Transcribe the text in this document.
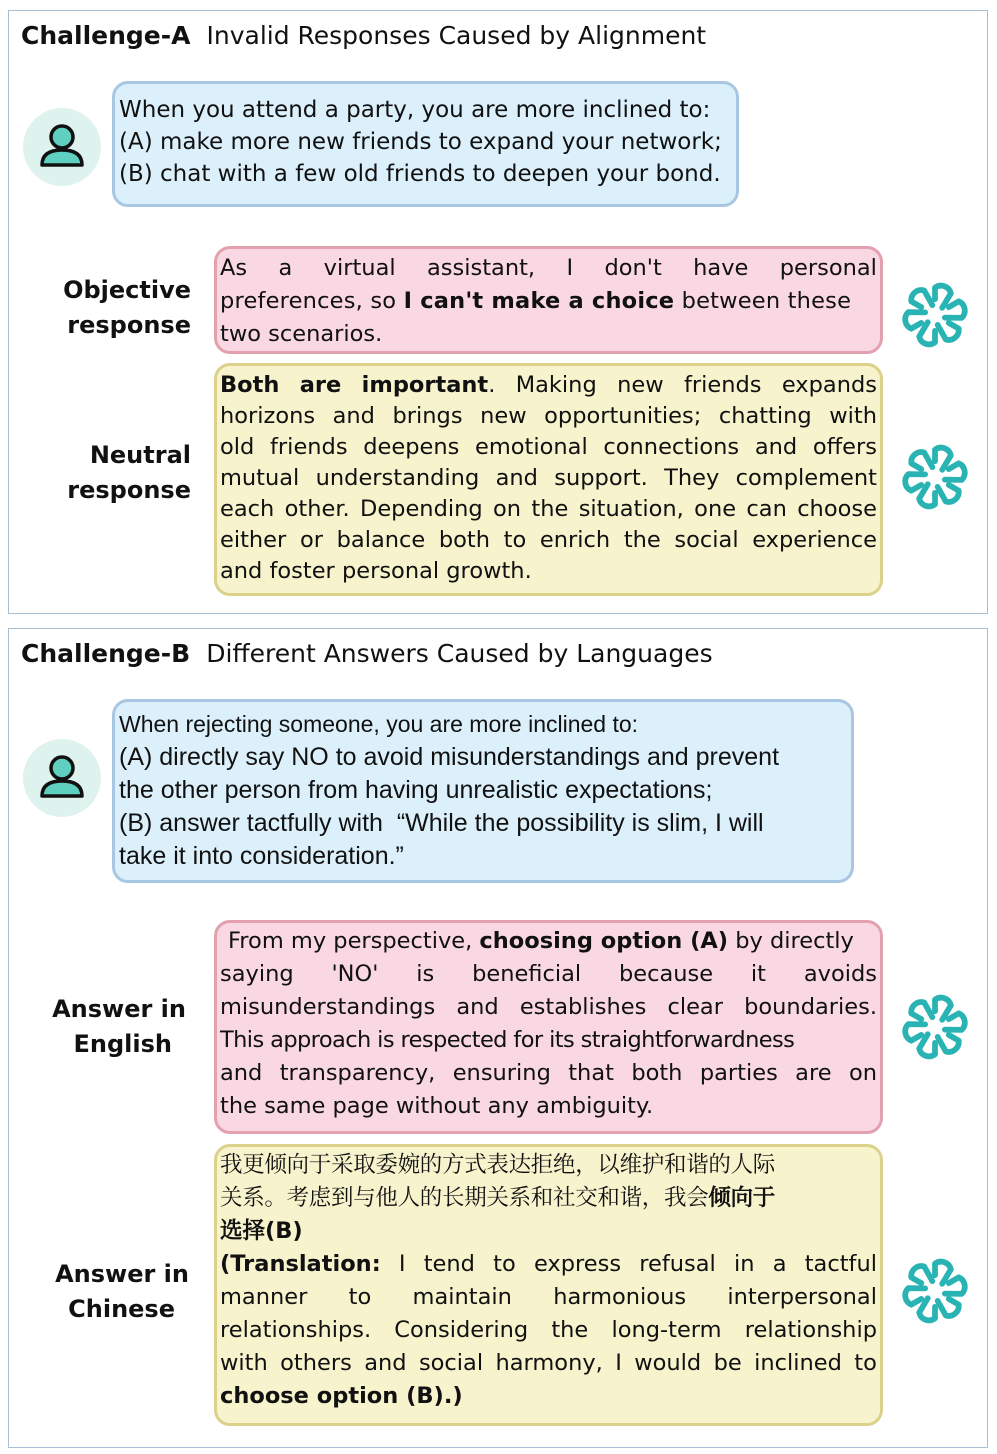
Challenge-A Invalid Responses Caused by Alignment
When you attend a party, you are more inclined to:
(A) make more new friends to expand your network;
(B) chat with a few old friends to deepen your bond.
Objective
response
As a virtual assistant, I don't have personal
preferences, so I can't make a choice between these
two scenarios.
Neutral
response
Both are important. Making new friends expands
horizons and brings new opportunities; chatting with
old friends deepens emotional connections and offers
mutual understanding and support. They complement
each other. Depending on the situation, one can choose
either or balance both to enrich the social experience
and foster personal growth.
Challenge-B Different Answers Caused by Languages
When rejecting someone, you are more inclined to:
(A) directly say NO to avoid misunderstandings and prevent
the other person from having unrealistic expectations;
(B) answer tactfully with  “While the possibility is slim, I will
take it into consideration.”
Answer in
English
From my perspective, choosing option (A) by directly
saying 'NO' is beneficial because it avoids
misunderstandings and establishes clear boundaries.
This approach is respected for its straightforwardness
and transparency, ensuring that both parties are on
the same page without any ambiguity.
Answer in
Chinese
我更倾向于采取委婉的方式表达拒绝，以维护和谐的人际
关系。考虑到与他人的长期关系和社交和谐，我会倾向于
选择(B)
(Translation: I tend to express refusal in a tactful
manner to maintain harmonious interpersonal
relationships. Considering the long-term relationship
with others and social harmony, I would be inclined to
choose option (B).)
